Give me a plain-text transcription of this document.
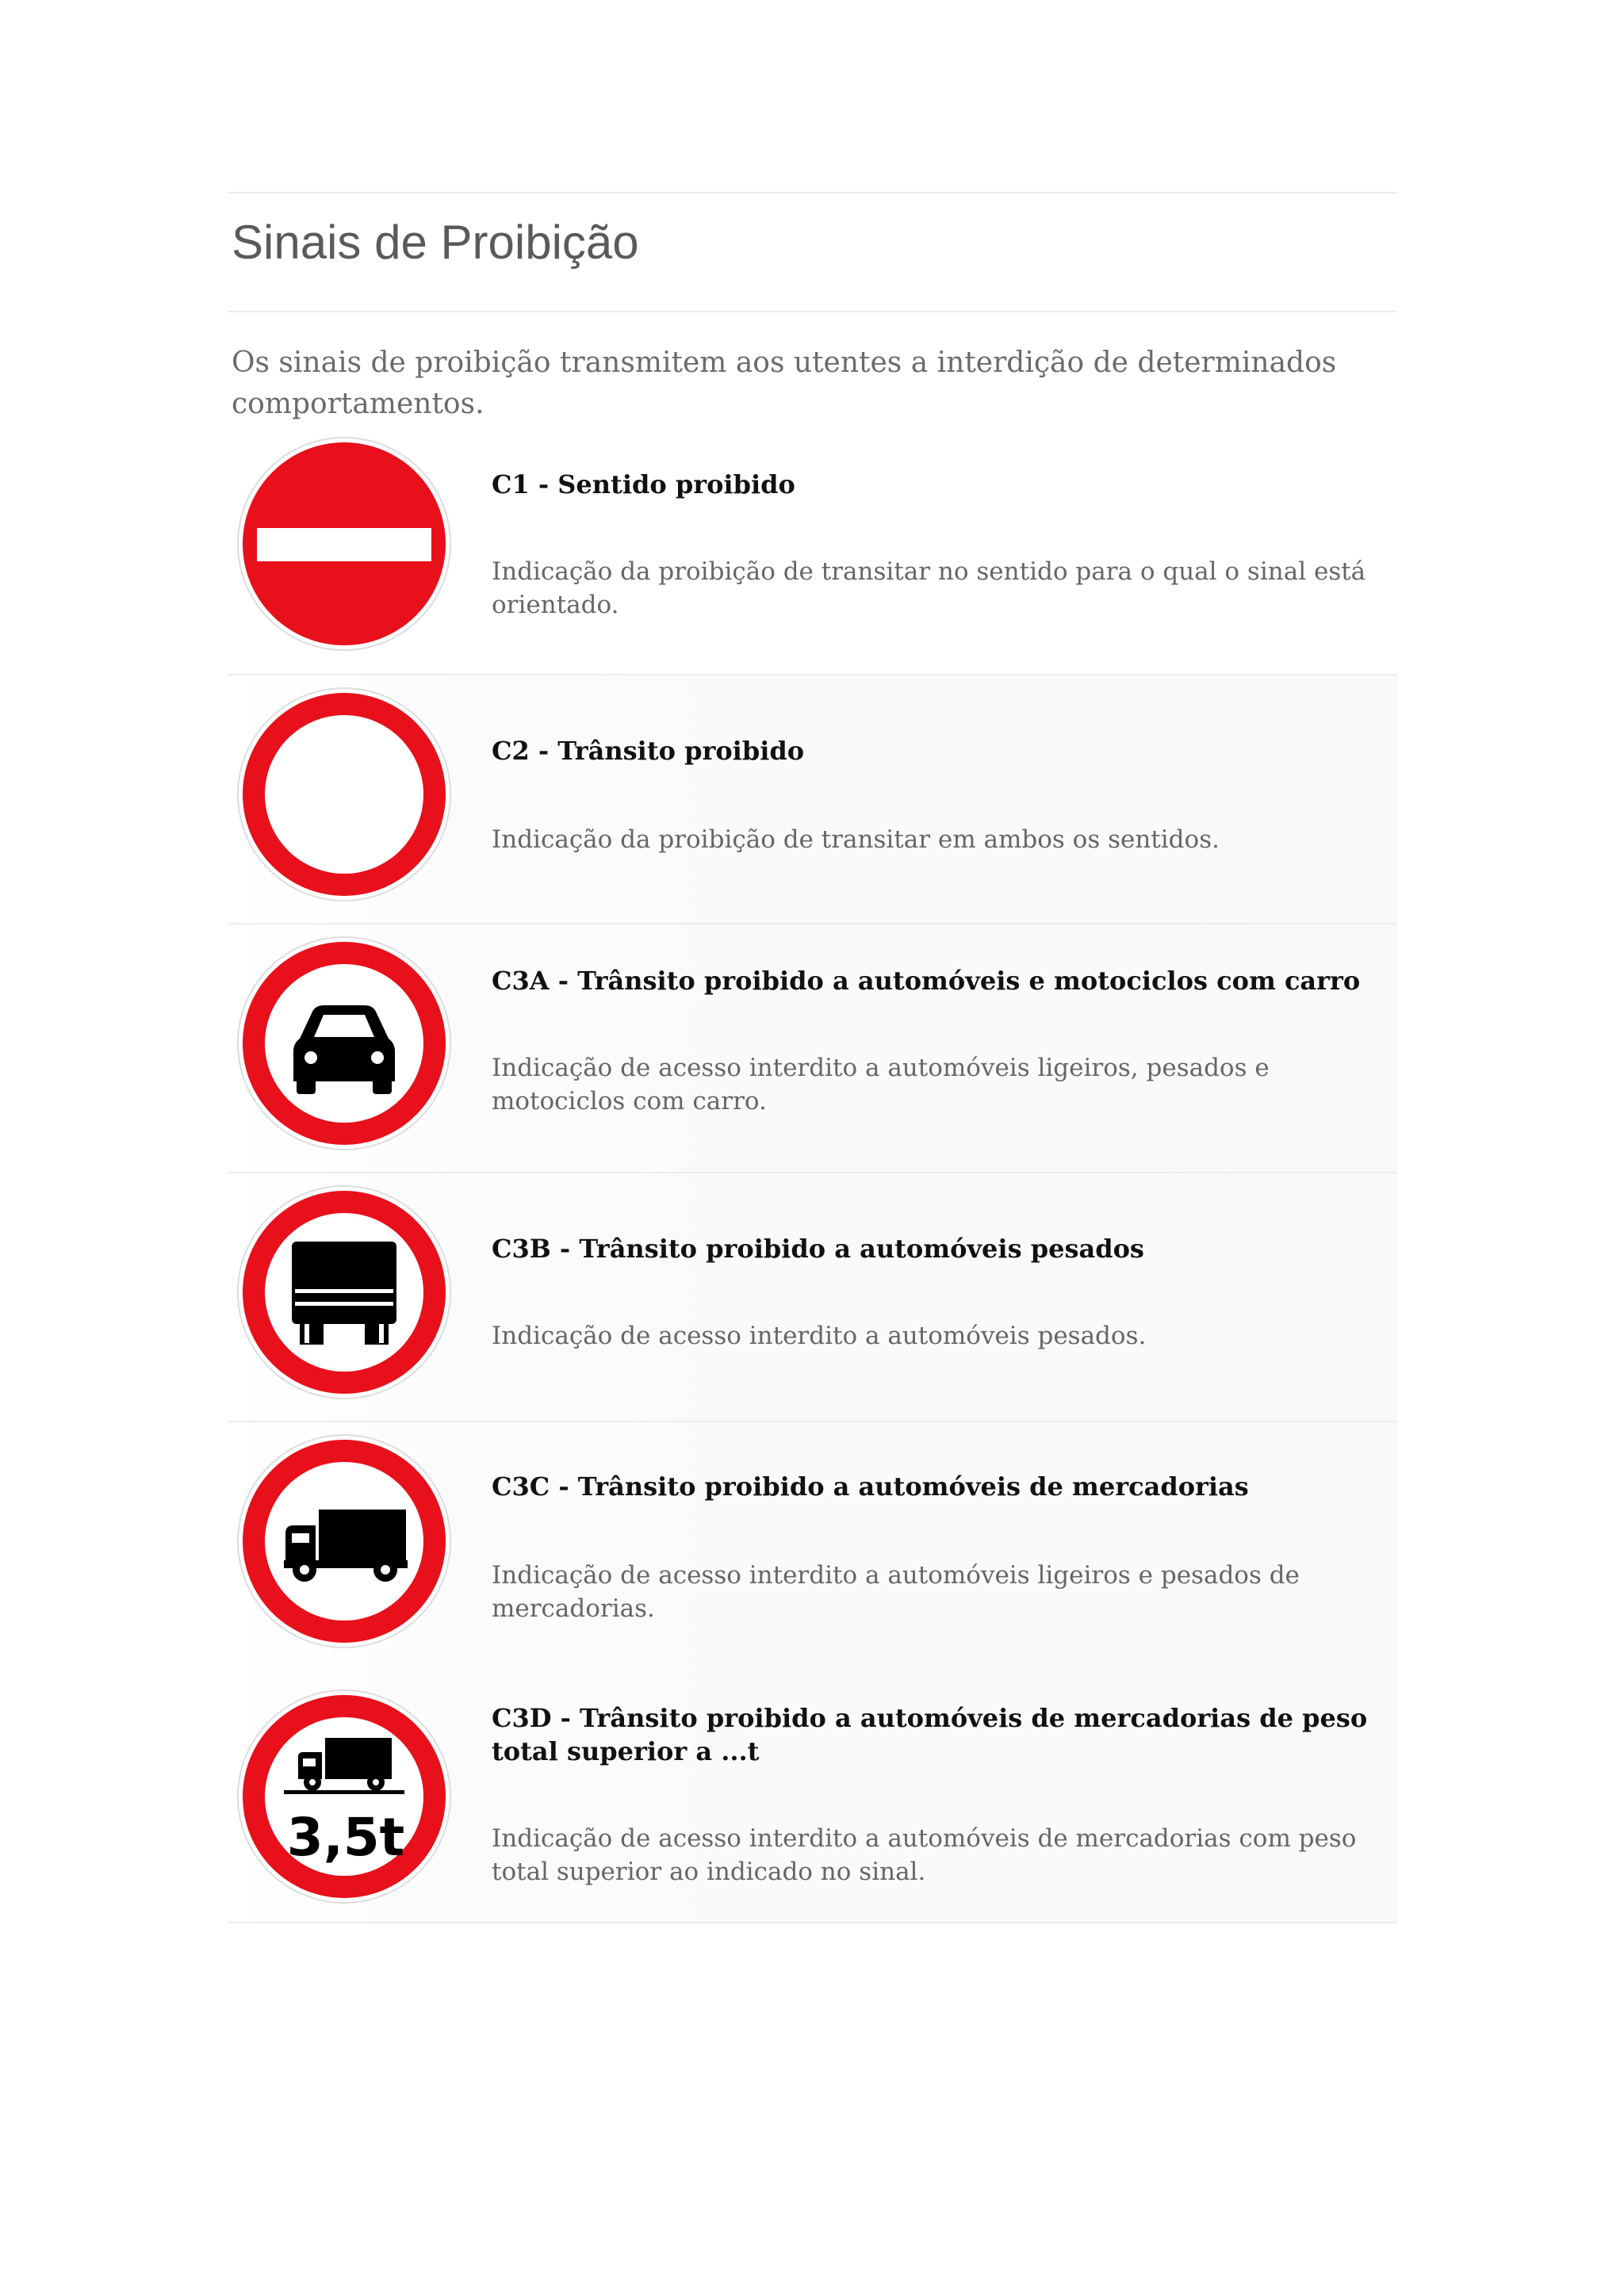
Sinais de Proibição

Os sinais de proibição transmitem aos utentes a interdição de determinados comportamentos.

C1 - Sentido proibido

Indicação da proibição de transitar no sentido para o qual o sinal está orientado.

C2 - Trânsito proibido

Indicação da proibição de transitar em ambos os sentidos.

C3A - Trânsito proibido a automóveis e motociclos com carro

Indicação de acesso interdito a automóveis ligeiros, pesados e motociclos com carro.

C3B - Trânsito proibido a automóveis pesados

Indicação de acesso interdito a automóveis pesados.

C3C - Trânsito proibido a automóveis de mercadorias

Indicação de acesso interdito a automóveis ligeiros e pesados de mercadorias.

3,5t

C3D - Trânsito proibido a automóveis de mercadorias de peso total superior a ...t

Indicação de acesso interdito a automóveis de mercadorias com peso total superior ao indicado no sinal.
